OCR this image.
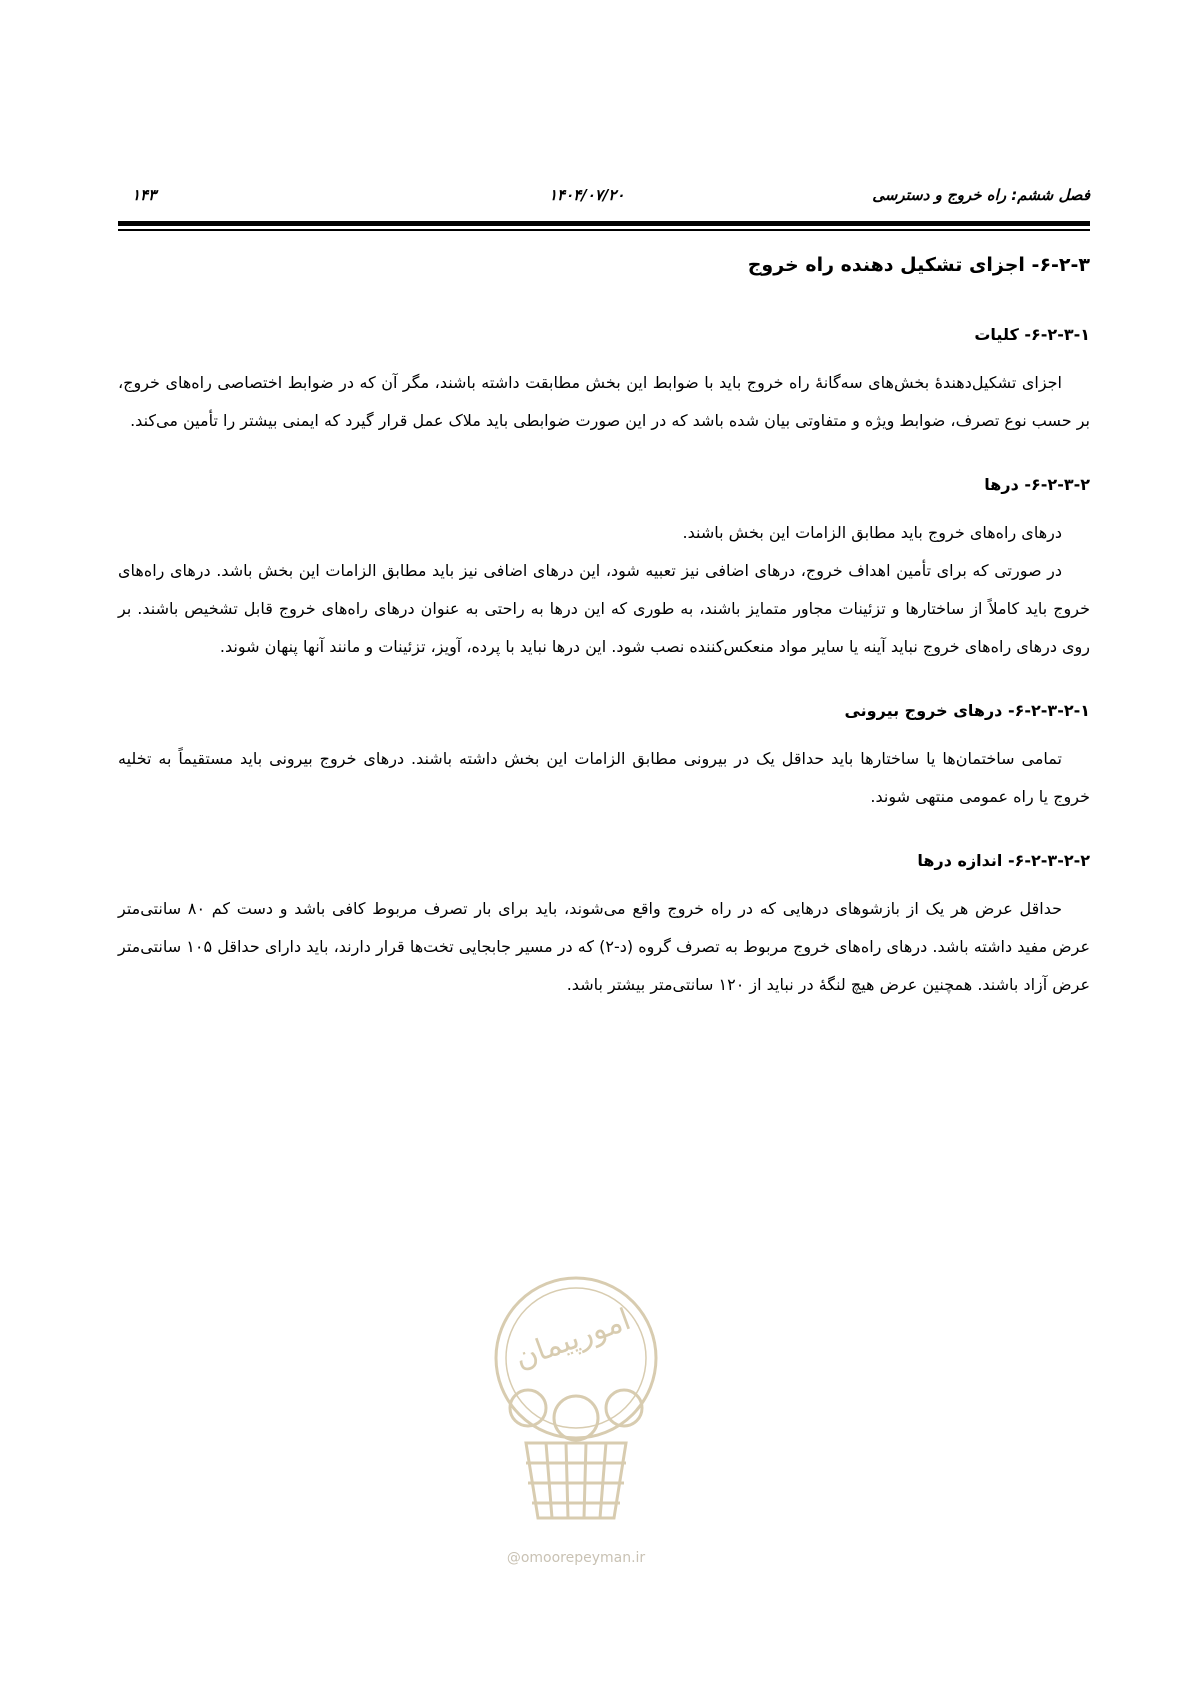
فصل ششم: راه خروج و دسترسی
۱۴۰۴/۰۷/۲۰
۱۴۳
۶-۲-۳- اجزای تشکیل دهنده راه خروج
۶-۲-۳-۱- کلیات

اجزای تشکیل‌دهندهٔ بخش‌های سه‌گانهٔ راه خروج باید با ضوابط این بخش مطابقت داشته باشند، مگر آن که در ضوابط اختصاصی راه‌های خروج، بر حسب نوع تصرف، ضوابط ویژه و متفاوتی بیان شده باشد که در این صورت ضوابطی باید ملاک عمل قرار گیرد که ایمنی بیشتر را تأمین می‌کند.

۶-۲-۳-۲- درها

درهای راه‌های خروج باید مطابق الزامات این بخش باشند.

در صورتی که برای تأمین اهداف خروج، درهای اضافی نیز تعبیه شود، این درهای اضافی نیز باید مطابق الزامات این بخش باشد. درهای راه‌های خروج باید کاملاً از ساختارها و تزئینات مجاور متمایز باشند، به طوری که این درها به راحتی به عنوان درهای راه‌های خروج قابل تشخیص باشند. بر روی درهای راه‌های خروج نباید آینه یا سایر مواد منعکس‌کننده نصب شود. این درها نباید با پرده، آویز، تزئینات و مانند آنها پنهان شوند.

۶-۲-۳-۲-۱- درهای خروج بیرونی

تمامی ساختمان‌ها یا ساختارها باید حداقل یک در بیرونی مطابق الزامات این بخش داشته باشند. درهای خروج بیرونی باید مستقیماً به تخلیه خروج یا راه عمومی منتهی شوند.

۶-۲-۳-۲-۲- اندازه درها

حداقل عرض هر یک از بازشوهای درهایی که در راه خروج واقع می‌شوند، باید برای بار تصرف مربوط کافی باشد و دست کم ۸۰ سانتی‌متر عرض مفید داشته باشد. درهای راه‌های خروج مربوط به تصرف گروه (د-۲) که در مسیر جابجایی تخت‌ها قرار دارند، باید دارای حداقل ۱۰۵ سانتی‌متر عرض آزاد باشند. همچنین عرض هیچ لنگهٔ در نباید از ۱۲۰ سانتی‌متر بیشتر باشد.

امورپیمان
@omoorepeyman.ir
